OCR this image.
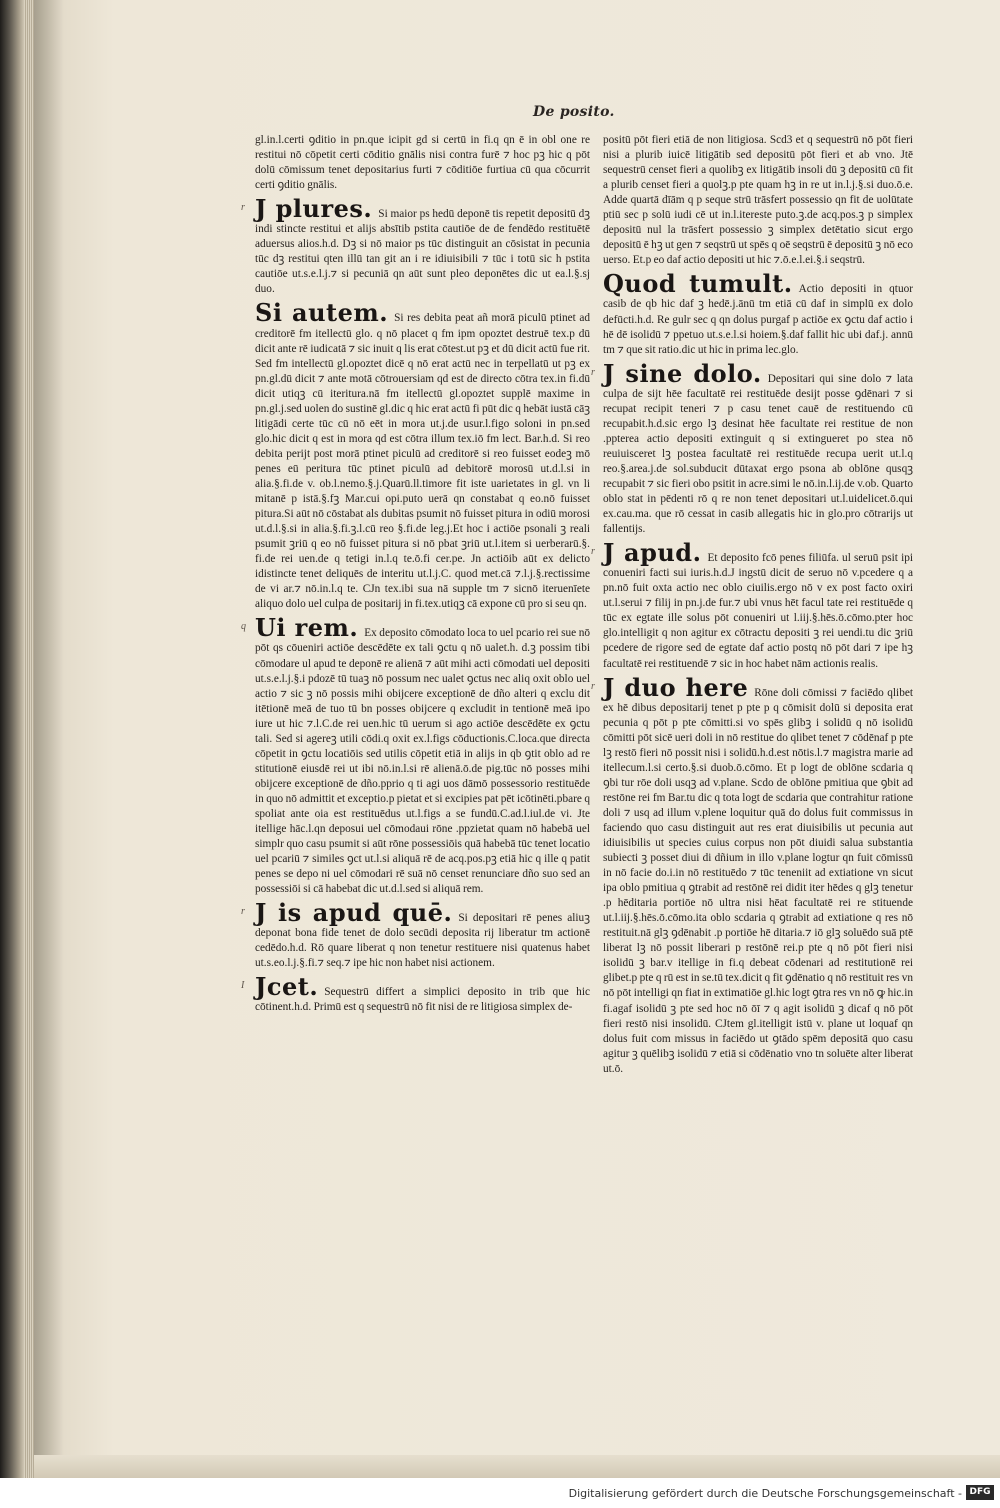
De posito.

gl.in.l.certi ꝯditio in pn.que icipit gd si certū in fi.q qn ē in obl one re restitui nō cōpetit certi cōditio gnālis nisi contra furē ⁊ hoc pꝫ hic q pōt dolū cōmissum tenet depositarius furti ⁊ cōditiōe furtiua cū qua cōcurrit certi ꝯditio gnālis.

r J plures. Si maior ps hedū deponē tis repetit depositū dꝫ indi stincte restitui et alijs absītib pstita cautiōe de de fendēdo restituētē aduersus alios.h.d. Dꝫ si nō maior ps tūc distinguit an cōsistat in pecunia tūc dꝫ restitui qten illū tan git an i re idiuisibili ⁊ tūc i totū sic h pstita cautiōe ut.s.e.l.j.⁊ si pecuniā qn aūt sunt pleo deponētes dic ut ea.l.§.sj duo.

Si autem. Si res debita peat añ morā piculū ptinet ad creditorē fm itellectū glo. q nō placet q fm ipm opoztet destruē tex.p dū dicit ante rē iudicatā ⁊ sic inuit q lis erat cōtest.ut pꝫ et dū dicit actū fue rit. Sed fm intellectū gl.opoztet dicē q nō erat actū nec in terpellatū ut pꝫ ex pn.gl.dū dicit ⁊ ante motā cōtrouersiam qd est de directo cōtra tex.in fi.dū dicit utiqꝫ cū iteritura.nā fm itellectū gl.opoztet supplē maxime in pn.gl.j.sed uolen do sustinē gl.dic q hic erat actū fi pūt dic q hebāt iustā cāꝫ litigādi certe tūc cū nō eēt in mora ut.j.de usur.l.figo soloni in pn.sed glo.hic dicit q est in mora qd est cōtra illum tex.iō fm lect. Bar.h.d. Si reo debita perijt post morā ptinet piculū ad creditorē si reo fuisset eodeꝫ mō penes eū peritura tūc ptinet piculū ad debitorē morosū ut.d.l.si in alia.§.fi.de v. ob.l.nemo.§.j.Quarū.ll.timore fit iste uarietates in gl. vn li mitanē p istā.§.fꝫ Mar.cui opi.puto uerā qn constabat q eo.nō fuisset pitura.Si aūt nō cōstabat als dubitas psumit nō fuisset pitura in odiū morosi ut.d.l.§.si in alia.§.fi.ꝫ.l.cū reo §.fi.de leg.j.Et hoc i actiōe psonali ꝫ reali psumit ꝫriū q eo nō fuisset pitura si nō pbat ꝫriū ut.l.item si uerberarū.§. fi.de rei uen.de q tetigi in.l.q te.ō.fi cer.pe. Jn actiōib aūt ex delicto idistincte tenet deliquēs de interitu ut.l.j.C. quod met.cā ⁊.l.j.§.rectissime de vi ar.⁊ nō.in.l.q te. CJn tex.ibi sua nā supple tm ⁊ sicnō iteruenīete aliquo dolo uel culpa de positarij in fi.tex.utiqꝫ cā expone cū pro si seu qn.

q Ui rem. Ex deposito cōmodato loca to uel pcario rei sue nō pōt qs cōueniri actiōe descēdēte ex tali ꝯctu q nō ualet.h. d.ꝫ possim tibi cōmodare ul apud te deponē re alienā ⁊ aūt mihi acti cōmodati uel depositi ut.s.e.l.j.§.i pdozē tū tuaꝫ nō possum nec ualet ꝯctus nec aliq oxit oblo uel actio ⁊ sic ꝫ nō possis mihi obijcere exceptionē de dño alteri q exclu dit itētionē meā de tuo tū bn posses obijcere q excludit in tentionē meā ipo iure ut hic ⁊.l.C.de rei uen.hic tū uerum si ago actiōe descēdēte ex ꝯctu tali. Sed si agereꝫ utili cōdi.q oxit ex.l.figs cōductionis.C.loca.que directa cōpetit in ꝯctu locatiōis sed utilis cōpetit etiā in alijs in qb ꝯtit oblo ad re stitutionē eiusdē rei ut ibi nō.in.l.si rē alienā.ō.de pig.tūc nō posses mihi obijcere exceptionē de dño.pprio q ti agi uos dāmō possessorio restituēde in quo nō admittit et exceptio.p pietat et si excipies pat pēt icōtinēti.pbare q spoliat ante oia est restituēdus ut.l.figs a se fundū.C.ad.l.iul.de vi. Jte itellige hāc.l.qn deposui uel cōmodaui rōne .ppzietat quam nō habebā uel simplr quo casu psumit si aūt rōne possessiōis quā habebā tūc tenet locatio uel pcariū ⁊ similes ꝯct ut.l.si aliquā rē de acq.pos.pꝫ etiā hic q ille q patit penes se depo ni uel cōmodari rē suā nō censet renunciare dño suo sed an possessiōi si cā habebat dic ut.d.l.sed si aliquā rem.

r J is apud quē. Si depositari rē penes aliuꝫ deponat bona fide tenet de dolo secūdi deposita rij liberatur tm actionē cedēdo.h.d. Rō quare liberat q non tenetur restituere nisi quatenus habet ut.s.eo.l.j.§.fi.⁊ seq.⁊ ipe hic non habet nisi actionem.

I Jcet. Sequestrū differt a simplici deposito in trib que hic cōtinent.h.d. Primū est q sequestrū nō fit nisi de re litigiosa simplex de-

positū pōt fieri etiā de non litigiosa. Scd3 et q sequestrū nō pōt fieri nisi a plurib iuicē litigātib sed depositū pōt fieri et ab vno. Jtē sequestrū censet fieri a quolibꝫ ex litigātib insoli dū ꝫ depositū cū fit a plurib censet fieri a quolꝫ.p pte quam hꝫ in re ut in.l.j.§.si duo.ō.e. Adde quartā dīām q p seque strū trāsfert possessio qn fit de uolūtate ptiū sec p solū iudi cē ut in.l.itereste puto.ꝫ.de acq.pos.ꝫ p simplex depositū nul la trāsfert possessio ꝫ simplex detētatio sicut ergo depositū ē hꝫ ut gen ⁊ seqstrū ut spēs q oē seqstrū ē depositū ꝫ nō eco uerso. Et.p eo daf actio depositi ut hic ⁊.ō.e.l.ei.§.i seqstrū.

Quod tumult. Actio depositi in qtuor casib de qb hic daf ꝫ hedē.j.ānū tm etiā cū daf in simplū ex dolo defūcti.h.d. Re gulr sec q qn dolus purgaf p actiōe ex ꝯctu daf actio i hē dē isolidū ⁊ ppetuo ut.s.e.l.si hoiem.§.daf fallit hic ubi daf.j. annū tm ⁊ que sit ratio.dic ut hic in prima lec.glo.

r J sine dolo. Depositari qui sine dolo ⁊ lata culpa de sijt hēe facultatē rei restituēde desijt posse ꝯdēnari ⁊ si recupat recipit teneri ⁊ p casu tenet cauē de restituendo cū recupabit.h.d.sic ergo lꝫ desinat hēe facultate rei restitue de non .ppterea actio depositi extinguit q si extingueret po stea nō reuiuisceret lꝫ postea facultatē rei restituēde recupa uerit ut.l.q reo.§.area.j.de sol.subducit dūtaxat ergo psona ab oblōne qusqꝫ recupabit ⁊ sic fieri obo psitit in acre.simi le nō.in.l.ij.de v.ob. Quarto oblo stat in pēdenti rō q re non tenet depositari ut.l.uidelicet.ō.qui ex.cau.ma. que rō cessat in casib allegatis hic in glo.pro cōtrarijs ut fallentijs.

r J apud. Et deposito fcō penes filiūfa. ul seruū psit ipi conueniri facti sui iuris.h.d.J ingstū dicit de seruo nō v.pcedere q a pn.nō fuit oxta actio nec oblo ciuilis.ergo nō v ex post facto oxiri ut.l.serui ⁊ filij in pn.j.de fur.⁊ ubi vnus hēt facul tate rei restituēde q tūc ex egtate ille solus pōt conueniri ut l.iij.§.hēs.ō.cōmo.pter hoc glo.intelligit q non agitur ex cōtractu depositi ꝫ rei uendi.tu dic ꝫriū pcedere de rigore sed de egtate daf actio postq nō pōt dari ⁊ ipe hꝫ facultatē rei restituendē ⁊ sic in hoc habet nām actionis realis.

r J duo here Rōne doli cōmissi ⁊ faciēdo qlibet ex hē dibus depositarij tenet p pte p q cōmisit dolū si deposita erat pecunia q pōt p pte cōmitti.si vo spēs glibꝫ i solidū q nō isolidū cōmitti pōt sicē ueri doli in nō restitue do qlibet tenet ⁊ cōdēnaf p pte lꝫ restō fieri nō possit nisi i solidū.h.d.est nōtis.l.⁊ magistra marie ad itellecum.l.si certo.§.si duob.ō.cōmo. Et p logt de oblōne scdaria q ꝯbi tur rōe doli usqꝫ ad v.plane. Scdo de oblōne pmitiua que ꝯbit ad restōne rei fm Bar.tu dic q tota logt de scdaria que contrahitur ratione doli ⁊ usq ad illum v.plene loquitur quā do dolus fuit commissus in faciendo quo casu distinguit aut res erat diuisibilis ut pecunia aut idiuisibilis ut species cuius corpus non pōt diuidi salua substantia subiecti ꝫ posset diui di dñium in illo v.plane logtur qn fuit cōmissū in nō facie do.i.in nō restituēdo ⁊ tūc teneniit ad extiatione vn sicut ipa oblo pmitiua q ꝯtrabit ad restōnē rei didit iter hēdes q glꝫ tenetur .p hēditaria portiōe nō ultra nisi hēat facultatē rei re stituende ut.l.iij.§.hēs.ō.cōmo.ita oblo scdaria q ꝯtrabit ad extiatione q res nō restituit.nā glꝫ ꝯdēnabit .p portiōe hē ditaria.⁊ iō glꝫ soluēdo suā ptē liberat lꝫ nō possit liberari p restōnē rei.p pte q nō pōt fieri nisi isolidū ꝫ bar.v itellige in fi.q debeat cōdenari ad restitutionē rei glibet.p pte q rū est in se.tū tex.dicit q fit ꝯdēnatio q nō restituit res vn nō pōt intelligi qn fiat in extimatiōe gl.hic logt ꝯtra res vn nō ꝙ hic.in fi.agaf isolidū ꝫ pte sed hoc nō ōī ⁊ q agit isolidū ꝫ dicaf q nō pōt fieri restō nisi insolidū. CJtem gl.itelligit istū v. plane ut loquaf qn dolus fuit com missus in faciēdo ut ꝯtādo spēm depositā quo casu agitur ꝫ quēlibꝫ isolidū ⁊ etiā si cōdēnatio vno tn soluēte alter liberat ut.ō.

Digitalisierung gefördert durch die Deutsche Forschungsgemeinschaft - DFG
